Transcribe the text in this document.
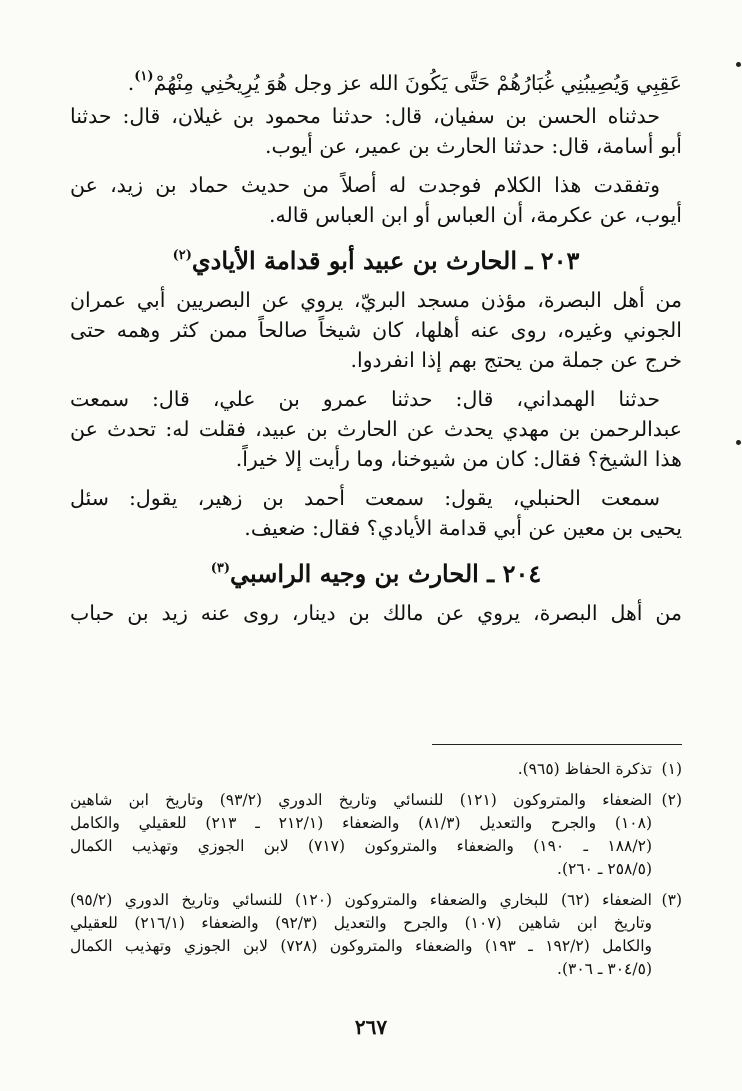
عَقِبِي وَيُصِيبُنِي غُبَارُهُمْ حَتَّى يَكُونَ الله عز وجل هُوَ يُرِيحُنِي مِنْهُمْ$^{(١)}$.
حدثناه الحسن بن سفيان، قال: حدثنا محمود بن غيلان، قال: حدثنا
أبو أسامة، قال: حدثنا الحارث بن عمير، عن أيوب.
وتفقدت هذا الكلام فوجدت له أصلاً من حديث حماد بن زيد، عن
أيوب، عن عكرمة، أن العباس أو ابن العباس قاله.
٢٠٣ ـ الحارث بن عبيد أبو قدامة الأيادي$^{(٢)}$
من أهل البصرة، مؤذن مسجد البريّ، يروي عن البصريين أبي عمران
الجوني وغيره، روى عنه أهلها، كان شيخاً صالحاً ممن كثر وهمه حتى
خرج عن جملة من يحتج بهم إذا انفردوا.
حدثنا الهمداني، قال: حدثنا عمرو بن علي، قال: سمعت
عبدالرحمن بن مهدي يحدث عن الحارث بن عبيد، فقلت له: تحدث عن
هذا الشيخ؟ فقال: كان من شيوخنا، وما رأيت إلا خيراً.
سمعت الحنبلي، يقول: سمعت أحمد بن زهير، يقول: سئل
يحيى بن معين عن أبي قدامة الأيادي؟ فقال: ضعيف.
٢٠٤ ـ الحارث بن وجيه الراسبي$^{(٣)}$
من أهل البصرة، يروي عن مالك بن دينار، روى عنه زيد بن حباب
(١)
تذكرة الحفاظ (٩٦٥).
(٢)
الضعفاء والمتروكون (١٢١) للنسائي وتاريخ الدوري (٩٣/٢) وتاريخ ابن شاهين
(١٠٨) والجرح والتعديل (٨١/٣) والضعفاء (٢١٢/١ ـ ٢١٣) للعقيلي والكامل
(١٨٨/٢ ـ ١٩٠) والضعفاء والمتروكون (٧١٧) لابن الجوزي وتهذيب الكمال
(٢٥٨/٥ ـ ٢٦٠).
(٣)
الضعفاء (٦٢) للبخاري والضعفاء والمتروكون (١٢٠) للنسائي وتاريخ الدوري (٩٥/٢)
وتاريخ ابن شاهين (١٠٧) والجرح والتعديل (٩٢/٣) والضعفاء (٢١٦/١) للعقيلي
والكامل (١٩٢/٢ ـ ١٩٣) والضعفاء والمتروكون (٧٢٨) لابن الجوزي وتهذيب الكمال
(٣٠٤/٥ ـ ٣٠٦).
٢٦٧
